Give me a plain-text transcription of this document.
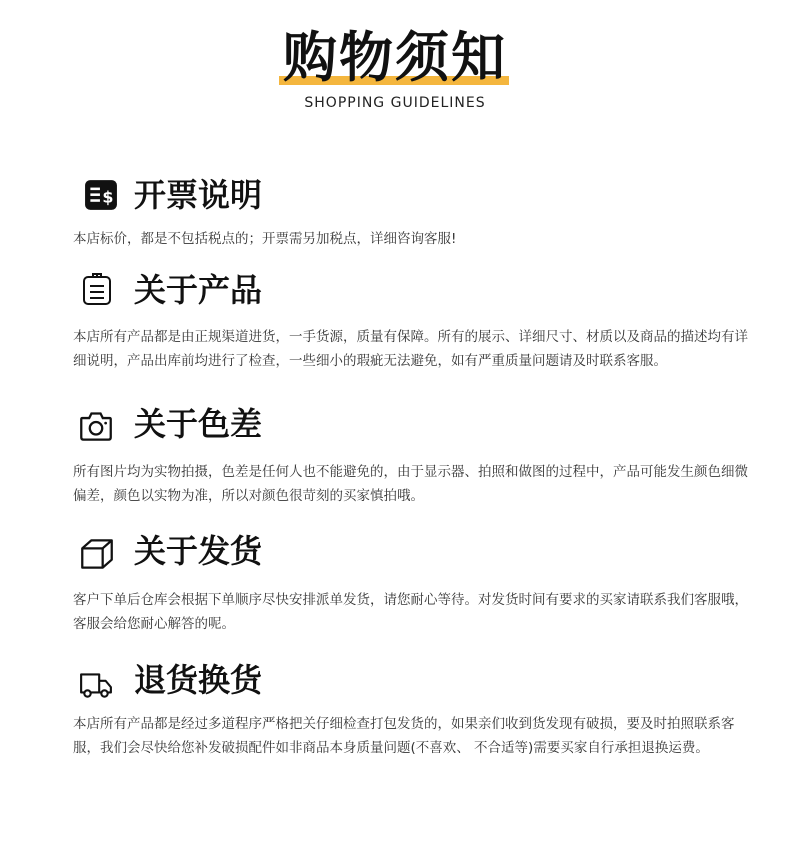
购物须知
SHOPPING GUIDELINES
$ 开票说明

本店标价，都是不包括税点的；开票需另加税点，详细咨询客服!

关于产品

本店所有产品都是由正规渠道进货，一手货源，质量有保障。所有的展示、详细尺寸、材质以及商品的描述均有详细说明，产品出库前均进行了检查，一些细小的瑕疵无法避免，如有严重质量问题请及时联系客服。

关于色差

所有图片均为实物拍摄，色差是任何人也不能避免的，由于显示器、拍照和做图的过程中，产品可能发生颜色细微偏差，颜色以实物为准，所以对颜色很苛刻的买家慎拍哦。

关于发货

客户下单后仓库会根据下单顺序尽快安排派单发货，请您耐心等待。对发货时间有要求的买家请联系我们客服哦，客服会给您耐心解答的呢。

退货换货

本店所有产品都是经过多道程序严格把关仔细检查打包发货的，如果亲们收到货发现有破损，要及时拍照联系客服，我们会尽快给您补发破损配件如非商品本身质量问题(不喜欢、 不合适等)需要买家自行承担退换运费。
